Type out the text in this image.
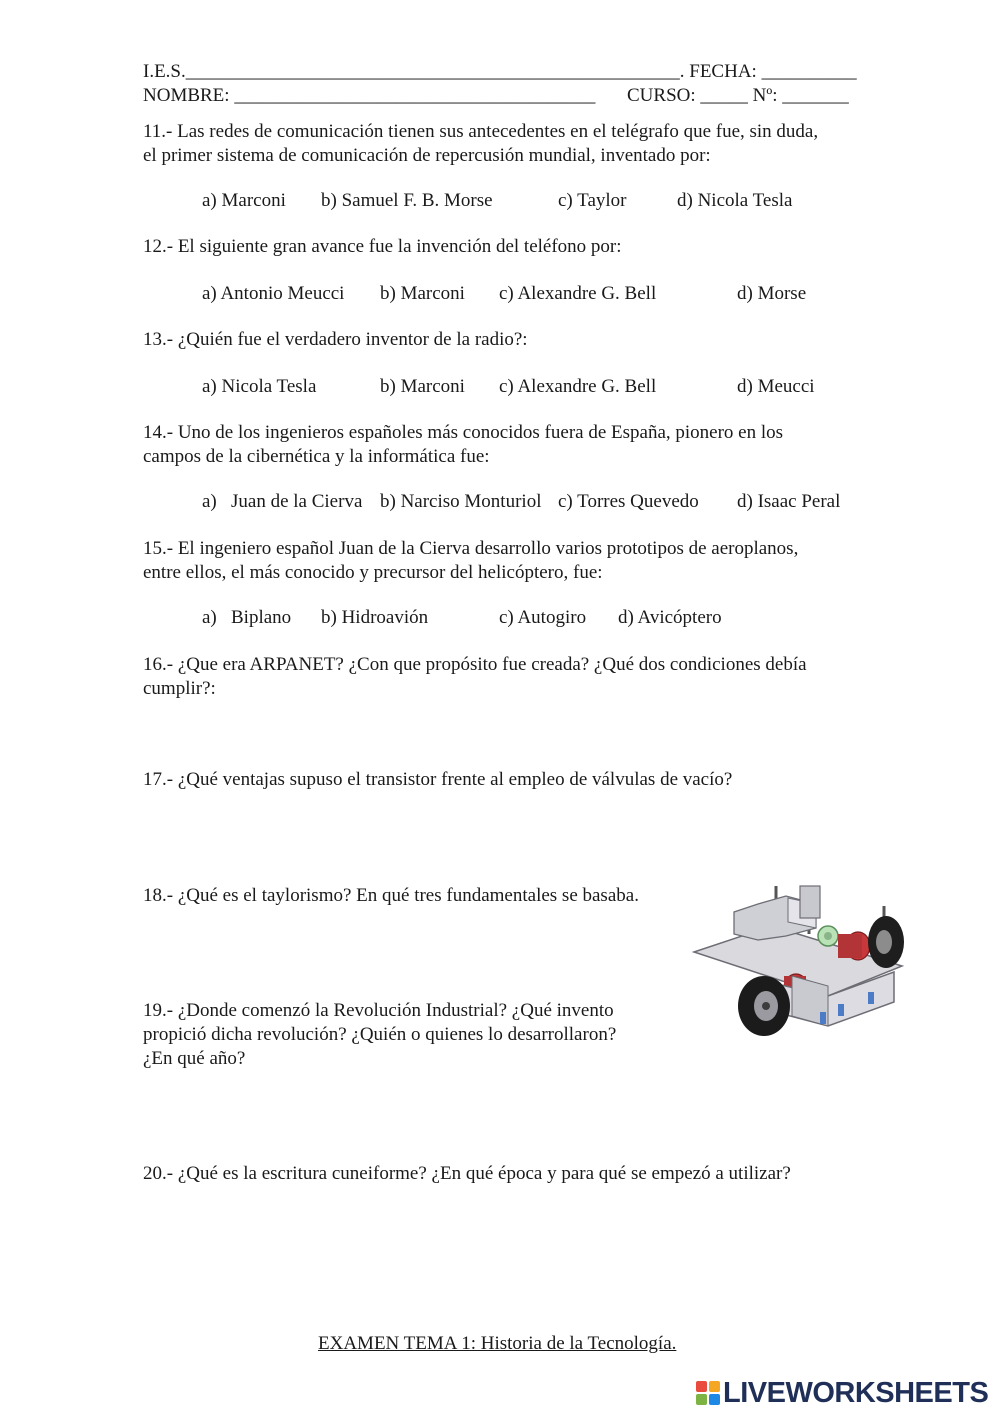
I.E.S.____________________________________________________. FECHA: __________
NOMBRE: ______________________________________ CURSO: _____ Nº: _______
11.- Las redes de comunicación tienen sus antecedentes en el telégrafo que fue, sin duda,
el primer sistema de comunicación de repercusión mundial, inventado por:
a) Marconi b) Samuel F. B. Morse	c) Taylor	d) Nicola Tesla
12.- El siguiente gran avance fue la invención del teléfono por:
a) Antonio Meucci b) Marconi c) Alexandre G. Bell	d) Morse
13.- ¿Quién fue el verdadero inventor de la radio?:
a) Nicola Tesla	b) Marconi c) Alexandre G. Bell	d) Meucci
14.- Uno de los ingenieros españoles más conocidos fuera de España, pionero en los
campos de la cibernética y la informática fue:
a)   Juan de la Cierva b) Narciso Monturiol c) Torres Quevedo d) Isaac Peral
15.- El ingeniero español Juan de la Cierva desarrollo varios prototipos de aeroplanos,
entre ellos, el más conocido y precursor del helicóptero, fue:
a)   Biplano b) Hidroavión	c) Autogiro d) Avicóptero
16.- ¿Que era ARPANET? ¿Con que propósito fue creada? ¿Qué dos condiciones debía
cumplir?:
17.- ¿Qué ventajas supuso el transistor frente al empleo de válvulas de vacío?
18.- ¿Qué es el taylorismo? En qué tres fundamentales se basaba.
19.- ¿Donde comenzó la Revolución Industrial? ¿Qué invento
propició dicha revolución? ¿Quién o quienes lo desarrollaron?
¿En qué año?
20.- ¿Qué es la escritura cuneiforme? ¿En qué época y para qué se empezó a utilizar?
EXAMEN TEMA 1: Historia de la Tecnología.
LIVEWORKSHEETS
